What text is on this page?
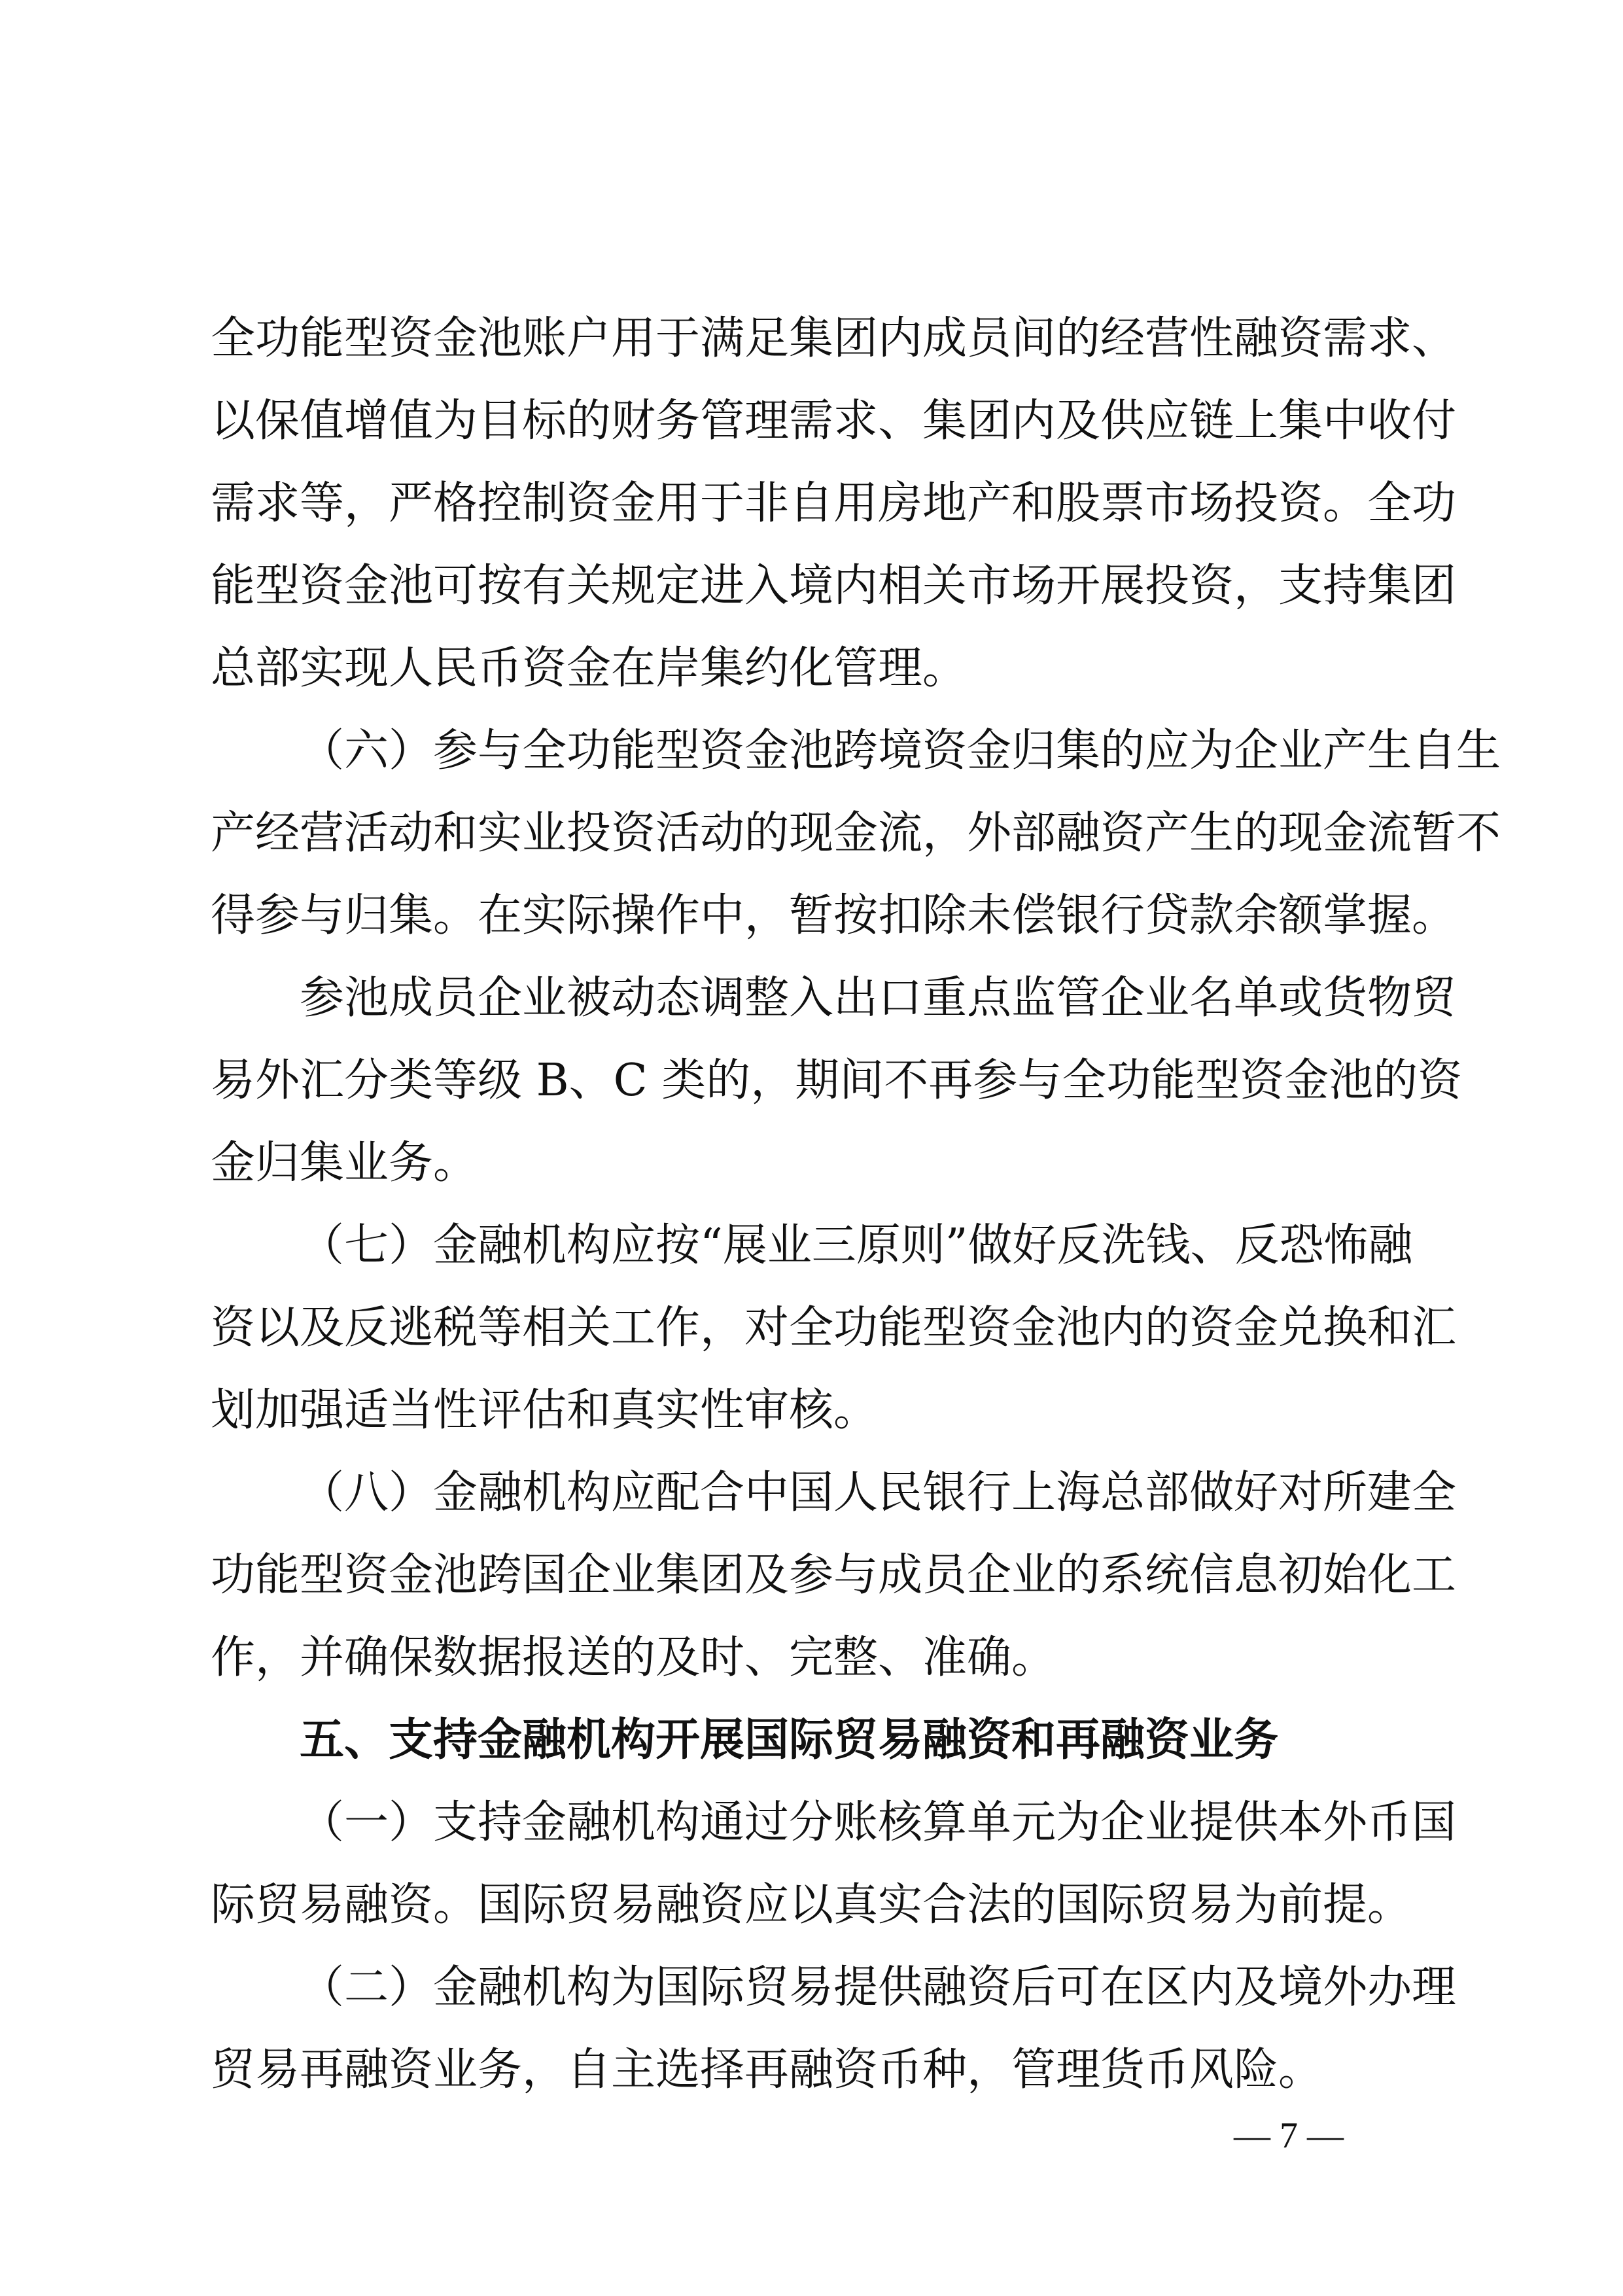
全功能型资金池账户用于满足集团内成员间的经营性融资需求、
以保值增值为目标的财务管理需求、集团内及供应链上集中收付
需求等，严格控制资金用于非自用房地产和股票市场投资。全功
能型资金池可按有关规定进入境内相关市场开展投资，支持集团
总部实现人民币资金在岸集约化管理。
（六）参与全功能型资金池跨境资金归集的应为企业产生自生
产经营活动和实业投资活动的现金流，外部融资产生的现金流暂不
得参与归集。在实际操作中，暂按扣除未偿银行贷款余额掌握。
参池成员企业被动态调整入出口重点监管企业名单或货物贸
易外汇分类等级 B、C 类的，期间不再参与全功能型资金池的资
金归集业务。
（七）金融机构应按“展业三原则”做好反洗钱、反恐怖融
资以及反逃税等相关工作，对全功能型资金池内的资金兑换和汇
划加强适当性评估和真实性审核。
（八）金融机构应配合中国人民银行上海总部做好对所建全
功能型资金池跨国企业集团及参与成员企业的系统信息初始化工
作，并确保数据报送的及时、完整、准确。
五、支持金融机构开展国际贸易融资和再融资业务
（一）支持金融机构通过分账核算单元为企业提供本外币国
际贸易融资。国际贸易融资应以真实合法的国际贸易为前提。
（二）金融机构为国际贸易提供融资后可在区内及境外办理
贸易再融资业务，自主选择再融资币种，管理货币风险。
— 7 —
